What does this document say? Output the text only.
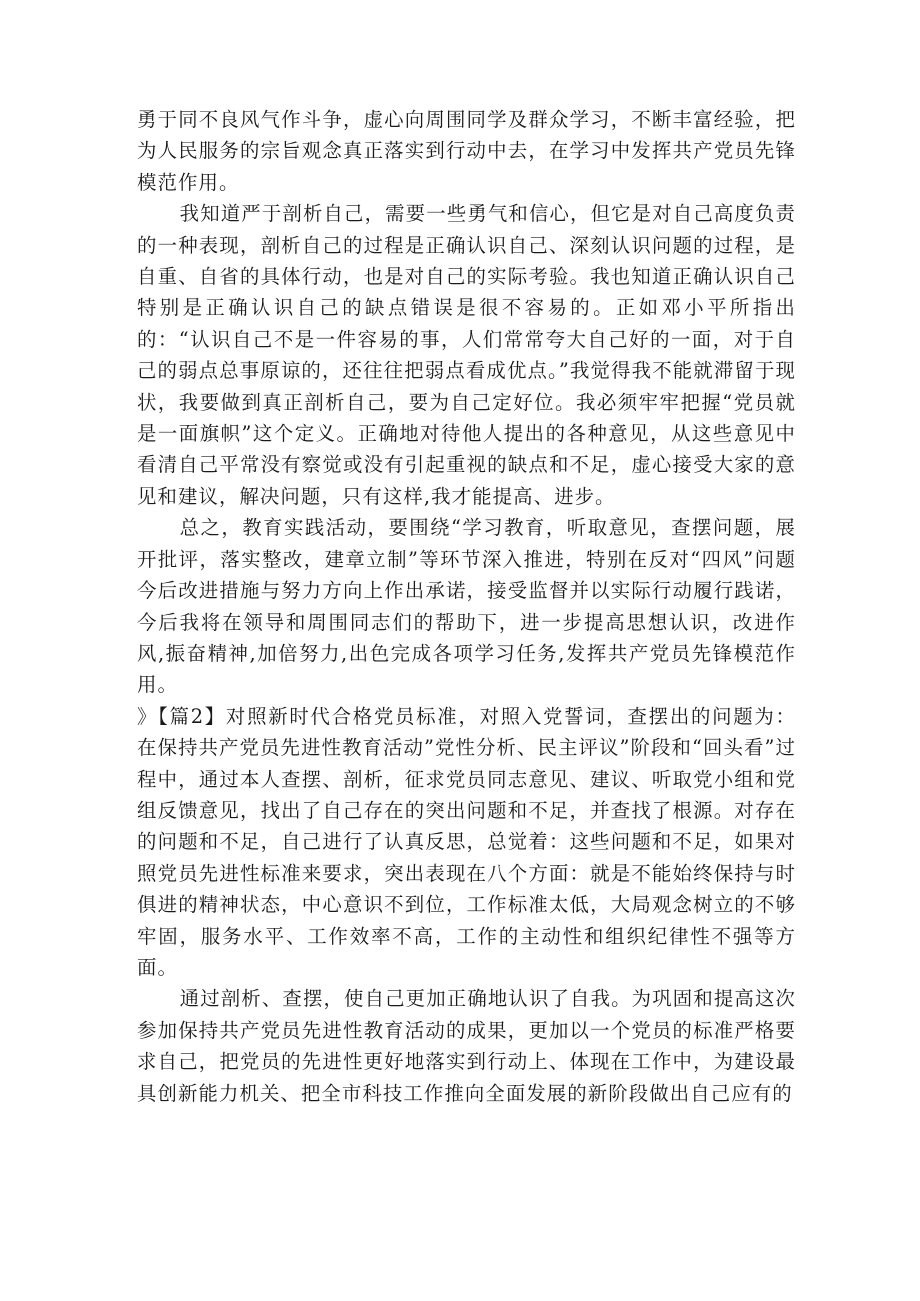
勇于同不良风气作斗争，虚心向周围同学及群众学习，不断丰富经验，把为人民服务的宗旨观念真正落实到行动中去，在学习中发挥共产党员先锋模范作用。

我知道严于剖析自己，需要一些勇气和信心，但它是对自己高度负责的一种表现，剖析自己的过程是正确认识自己、深刻认识问题的过程，是自重、自省的具体行动，也是对自己的实际考验。我也知道正确认识自己特别是正确认识自己的缺点错误是很不容易的。正如邓小平所指出的：“认识自己不是一件容易的事，人们常常夸大自己好的一面，对于自己的弱点总事原谅的，还往往把弱点看成优点。”我觉得我不能就滞留于现状，我要做到真正剖析自己，要为自己定好位。我必须牢牢把握“党员就是一面旗帜”这个定义。正确地对待他人提出的各种意见，从这些意见中看清自己平常没有察觉或没有引起重视的缺点和不足，虚心接受大家的意见和建议，解决问题，只有这样,我才能提高、进步。

总之，教育实践活动，要围绕“学习教育，听取意见，查摆问题，展开批评，落实整改，建章立制”等环节深入推进，特别在反对“四风”问题今后改进措施与努力方向上作出承诺，接受监督并以实际行动履行践诺，今后我将在领导和周围同志们的帮助下，进一步提高思想认识，改进作风,振奋精神,加倍努力,出色完成各项学习任务,发挥共产党员先锋模范作用。

》【篇2】对照新时代合格党员标准，对照入党誓词，查摆出的问题为：在保持共产党员先进性教育活动”党性分析、民主评议”阶段和“回头看”过程中，通过本人查摆、剖析，征求党员同志意见、建议、听取党小组和党组反馈意见，找出了自己存在的突出问题和不足，并查找了根源。对存在的问题和不足，自己进行了认真反思，总觉着：这些问题和不足，如果对照党员先进性标准来要求，突出表现在八个方面：就是不能始终保持与时俱进的精神状态，中心意识不到位，工作标准太低，大局观念树立的不够牢固，服务水平、工作效率不高，工作的主动性和组织纪律性不强等方面。

通过剖析、查摆，使自己更加正确地认识了自我。为巩固和提高这次参加保持共产党员先进性教育活动的成果，更加以一个党员的标准严格要求自己，把党员的先进性更好地落实到行动上、体现在工作中，为建设最具创新能力机关、把全市科技工作推向全面发展的新阶段做出自己应有的
